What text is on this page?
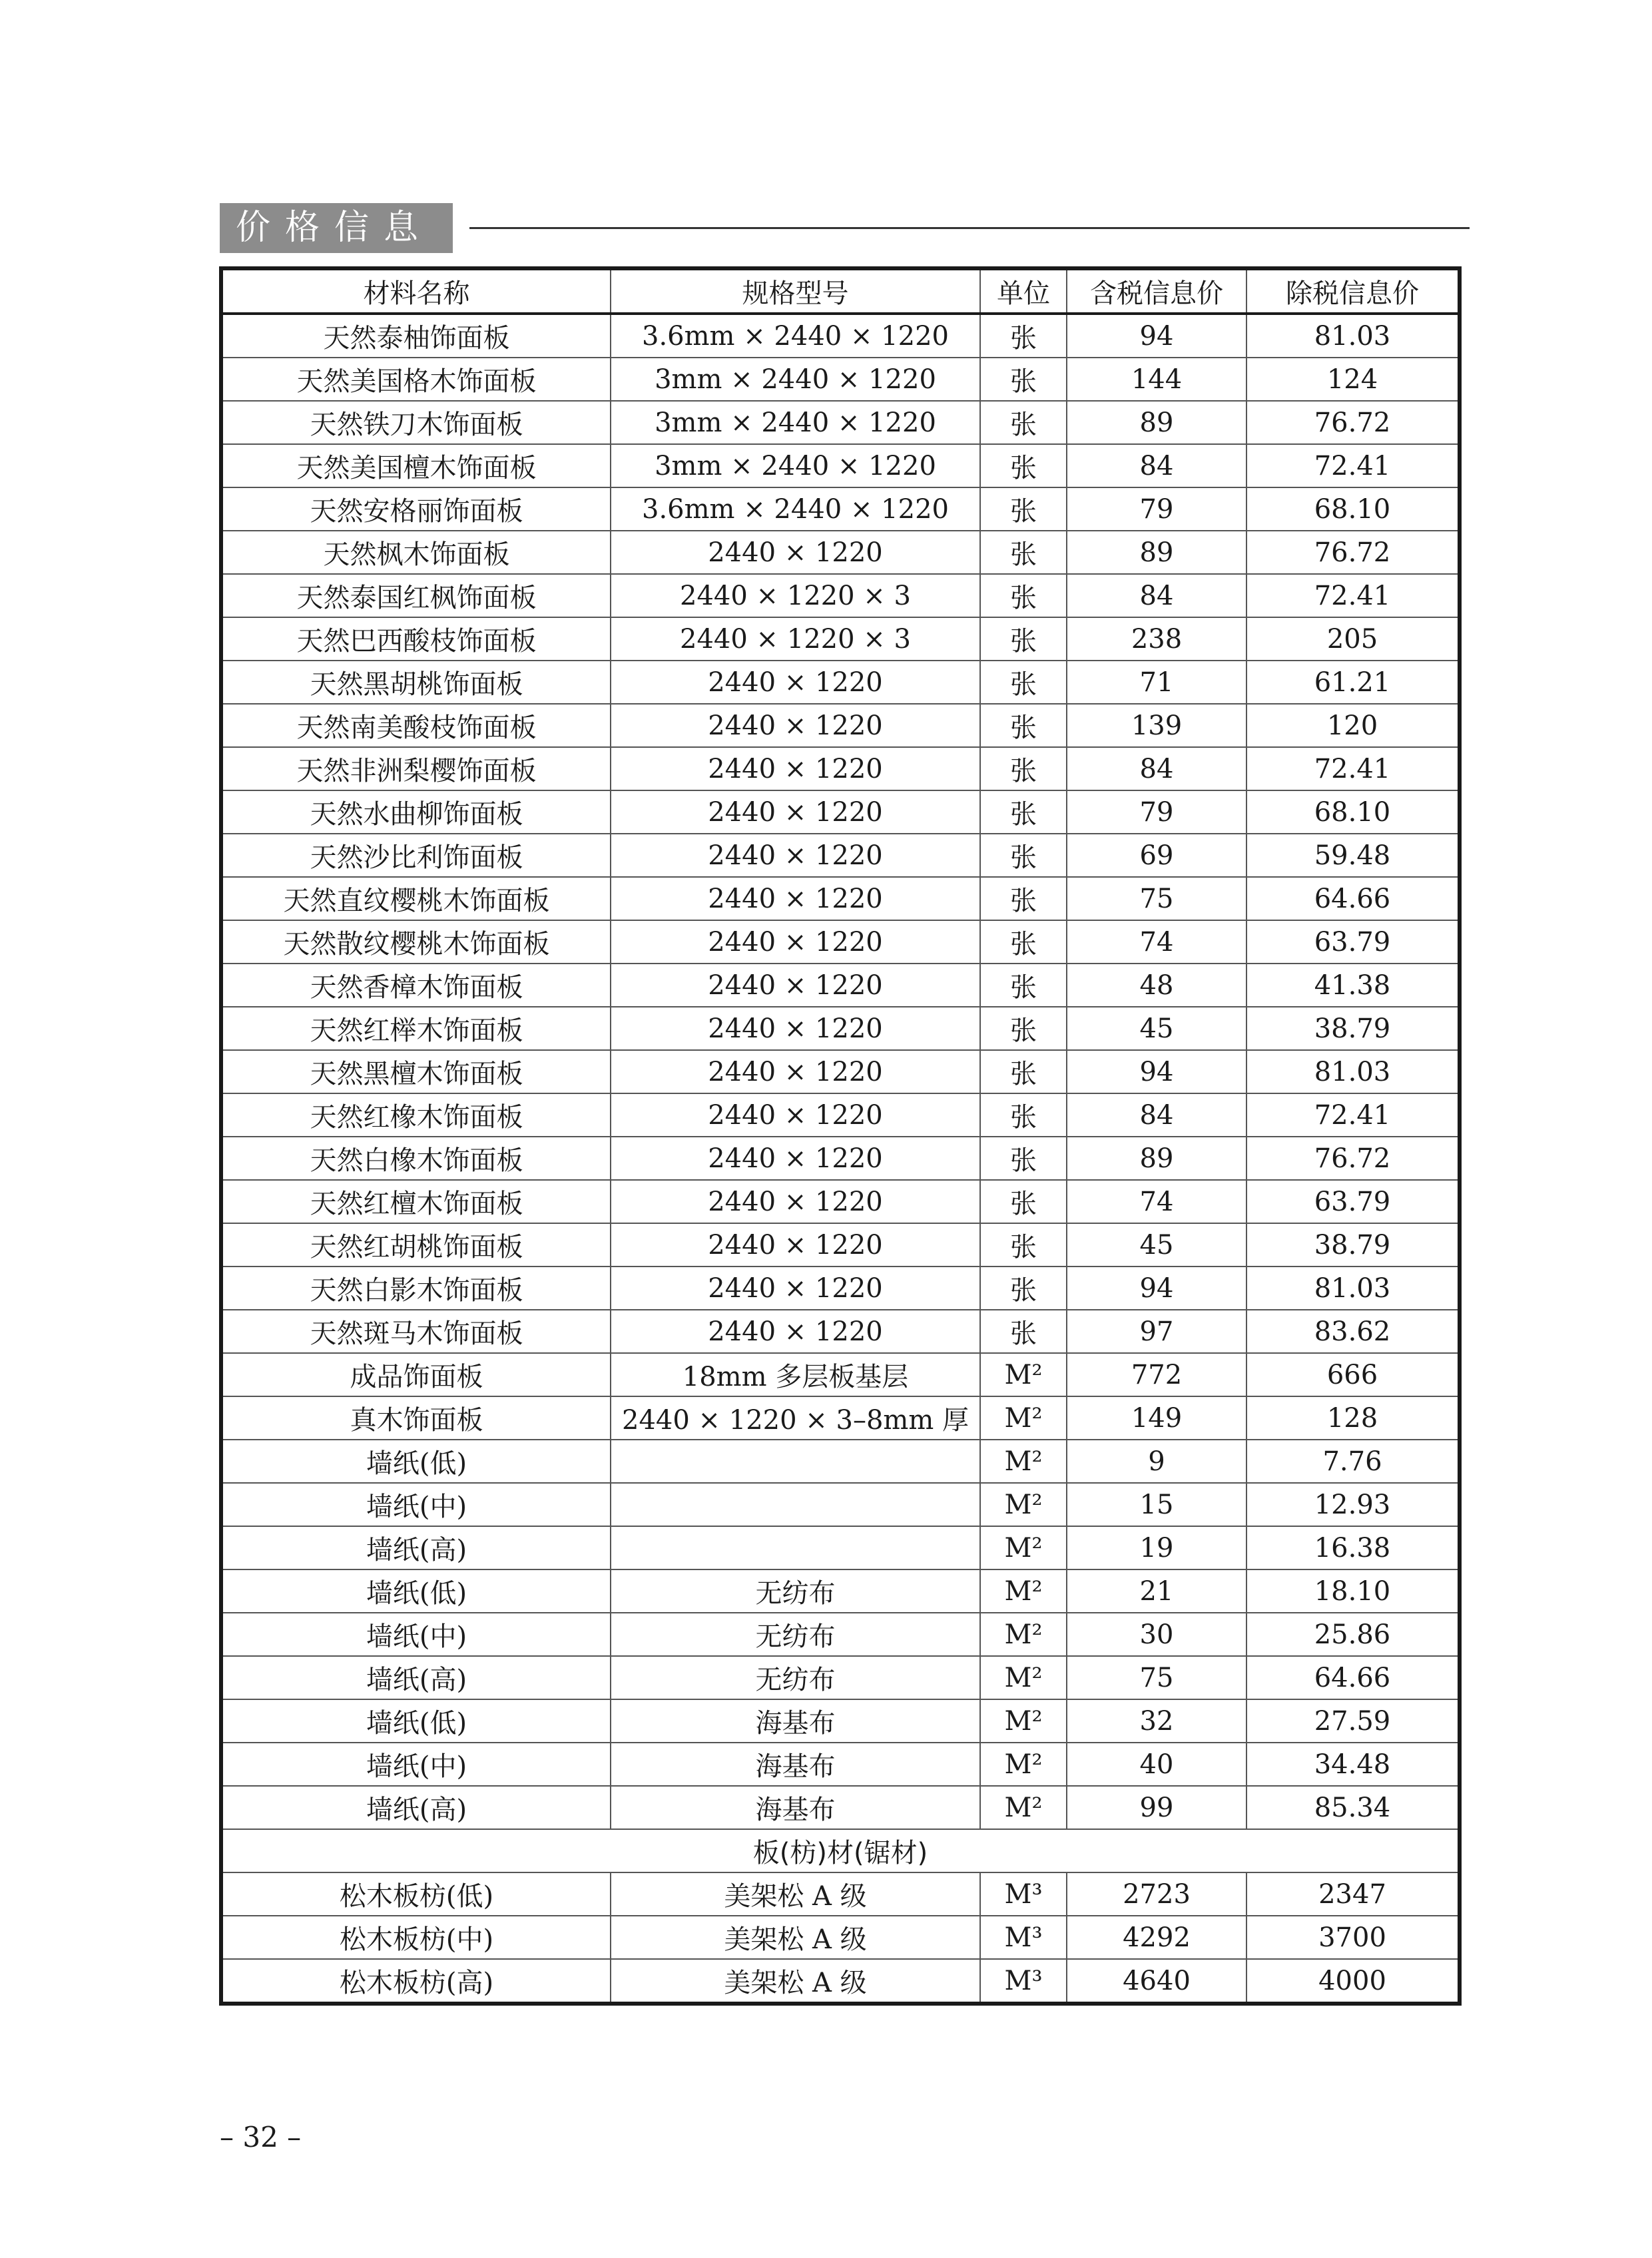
价格信息
材料名称	规格型号	单位	含税信息价	除税信息价
天然泰柚饰面板	3.6mm × 2440 × 1220	张	94	81.03
天然美国格木饰面板	3mm × 2440 × 1220	张	144	124
天然铁刀木饰面板	3mm × 2440 × 1220	张	89	76.72
天然美国檀木饰面板	3mm × 2440 × 1220	张	84	72.41
天然安格丽饰面板	3.6mm × 2440 × 1220	张	79	68.10
天然枫木饰面板	2440 × 1220	张	89	76.72
天然泰国红枫饰面板	2440 × 1220 × 3	张	84	72.41
天然巴西酸枝饰面板	2440 × 1220 × 3	张	238	205
天然黑胡桃饰面板	2440 × 1220	张	71	61.21
天然南美酸枝饰面板	2440 × 1220	张	139	120
天然非洲梨樱饰面板	2440 × 1220	张	84	72.41
天然水曲柳饰面板	2440 × 1220	张	79	68.10
天然沙比利饰面板	2440 × 1220	张	69	59.48
天然直纹樱桃木饰面板	2440 × 1220	张	75	64.66
天然散纹樱桃木饰面板	2440 × 1220	张	74	63.79
天然香樟木饰面板	2440 × 1220	张	48	41.38
天然红榉木饰面板	2440 × 1220	张	45	38.79
天然黑檀木饰面板	2440 × 1220	张	94	81.03
天然红橡木饰面板	2440 × 1220	张	84	72.41
天然白橡木饰面板	2440 × 1220	张	89	76.72
天然红檀木饰面板	2440 × 1220	张	74	63.79
天然红胡桃饰面板	2440 × 1220	张	45	38.79
天然白影木饰面板	2440 × 1220	张	94	81.03
天然斑马木饰面板	2440 × 1220	张	97	83.62
成品饰面板	18mm 多层板基层	M²	772	666
真木饰面板	2440 × 1220 × 3–8mm 厚	M²	149	128
墙纸(低)		M²	9	7.76
墙纸(中)		M²	15	12.93
墙纸(高)		M²	19	16.38
墙纸(低)	无纺布	M²	21	18.10
墙纸(中)	无纺布	M²	30	25.86
墙纸(高)	无纺布	M²	75	64.66
墙纸(低)	海基布	M²	32	27.59
墙纸(中)	海基布	M²	40	34.48
墙纸(高)	海基布	M²	99	85.34
板(枋)材(锯材)				
松木板枋(低)	美架松 A 级	M³	2723	2347
松木板枋(中)	美架松 A 级	M³	4292	3700
松木板枋(高)	美架松 A 级	M³	4640	4000
– 32 –
